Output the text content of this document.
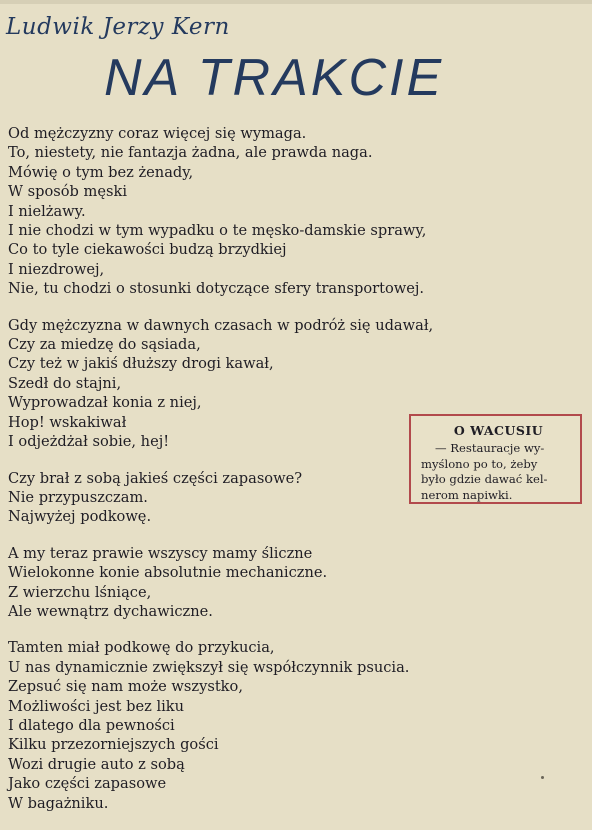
Ludwik Jerzy Kern
NA TRAKCIE
Od mężczyzny coraz więcej się wymaga.
To, niestety, nie fantazja żadna, ale prawda naga.
Mówię o tym bez żenady,
W sposób męski
I nielżawy.
I nie chodzi w tym wypadku o te męsko-damskie sprawy,
Co to tyle ciekawości budzą brzydkiej
I niezdrowej,
Nie, tu chodzi o stosunki dotyczące sfery transportowej.
Gdy mężczyzna w dawnych czasach w podróż się udawał,
Czy za miedzę do sąsiada,
Czy też w jakiś dłuższy drogi kawał,
Szedł do stajni,
Wyprowadzał konia z niej,
Hop! wskakiwał
I odjeżdżał sobie, hej!
Czy brał z sobą jakieś części zapasowe?
Nie przypuszczam.
Najwyżej podkowę.
A my teraz prawie wszyscy mamy śliczne
Wielokonne konie absolutnie mechaniczne.
Z wierzchu lśniące,
Ale wewnątrz dychawiczne.
Tamten miał podkowę do przykucia,
U nas dynamicznie zwiększył się współczynnik psucia.
Zepsuć się nam może wszystko,
Możliwości jest bez liku
I dlatego dla pewności
Kilku przezorniejszych gości
Wozi drugie auto z sobą
Jako części zapasowe
W bagażniku.
O WACUSIU
— Restauracje wy-
myślono po to, żeby
było gdzie dawać kel-
nerom napiwki.
